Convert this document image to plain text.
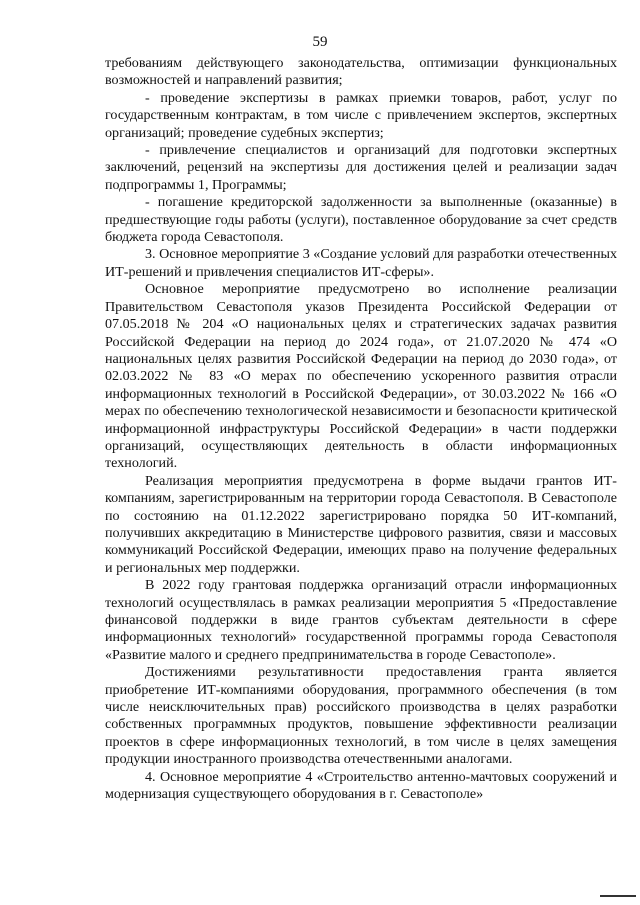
59

требованиям действующего законодательства, оптимизации функциональных возможностей и направлений развития;

- проведение экспертизы в рамках приемки товаров, работ, услуг по государственным контрактам, в том числе с привлечением экспертов, экспертных организаций; проведение судебных экспертиз;

- привлечение специалистов и организаций для подготовки экспертных заключений, рецензий на экспертизы для достижения целей и реализации задач подпрограммы 1, Программы;

- погашение кредиторской задолженности за выполненные (оказанные) в предшествующие годы работы (услуги), поставленное оборудование за счет средств бюджета города Севастополя.

3. Основное мероприятие 3 «Создание условий для разработки отечественных ИТ-решений и привлечения специалистов ИТ-сферы».

Основное мероприятие предусмотрено во исполнение реализации Правительством Севастополя указов Президента Российской Федерации от 07.05.2018 № 204 «О национальных целях и стратегических задачах развития Российской Федерации на период до 2024 года», от 21.07.2020 № 474 «О национальных целях развития Российской Федерации на период до 2030 года», от 02.03.2022 № 83 «О мерах по обеспечению ускоренного развития отрасли информационных технологий в Российской Федерации», от 30.03.2022 № 166 «О мерах по обеспечению технологической независимости и безопасности критической информационной инфраструктуры Российской Федерации» в части поддержки организаций, осуществляющих деятельность в области информационных технологий.

Реализация мероприятия предусмотрена в форме выдачи грантов ИТ-компаниям, зарегистрированным на территории города Севастополя. В Севастополе по состоянию на 01.12.2022 зарегистрировано порядка 50 ИТ-компаний, получивших аккредитацию в Министерстве цифрового развития, связи и массовых коммуникаций Российской Федерации, имеющих право на получение федеральных и региональных мер поддержки.

В 2022 году грантовая поддержка организаций отрасли информационных технологий осуществлялась в рамках реализации мероприятия 5 «Предоставление финансовой поддержки в виде грантов субъектам деятельности в сфере информационных технологий» государственной программы города Севастополя «Развитие малого и среднего предпринимательства в городе Севастополе».

Достижениями результативности предоставления гранта является приобретение ИТ-компаниями оборудования, программного обеспечения (в том числе неисключительных прав) российского производства в целях разработки собственных программных продуктов, повышение эффективности реализации проектов в сфере информационных технологий, в том числе в целях замещения продукции иностранного производства отечественными аналогами.

4. Основное мероприятие 4 «Строительство антенно-мачтовых сооружений и модернизация существующего оборудования в г. Севастополе»
